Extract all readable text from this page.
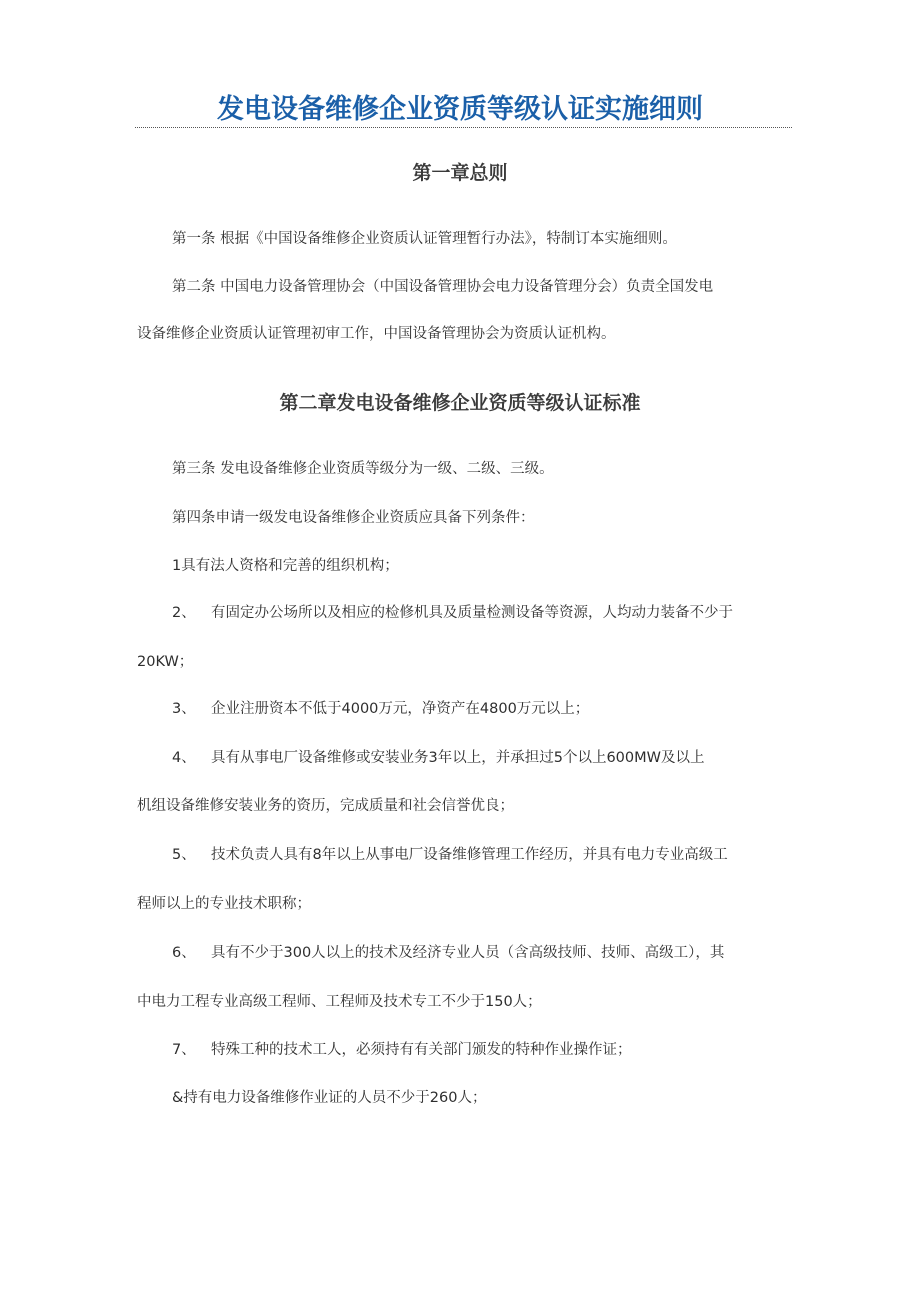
发电设备维修企业资质等级认证实施细则
第一章总则

第一条 根据《中国设备维修企业资质认证管理暂行办法》，特制订本实施细则。

第二条 中国电力设备管理协会（中国设备管理协会电力设备管理分会）负责全国发电

设备维修企业资质认证管理初审工作，中国设备管理协会为资质认证机构。

第二章发电设备维修企业资质等级认证标准

第三条 发电设备维修企业资质等级分为一级、二级、三级。

第四条申请一级发电设备维修企业资质应具备下列条件：

1具有法人资格和完善的组织机构；

2、 有固定办公场所以及相应的检修机具及质量检测设备等资源，人均动力装备不少于

20KW；

3、 企业注册资本不低于4000万元，净资产在4800万元以上；

4、 具有从事电厂设备维修或安装业务3年以上，并承担过5个以上600MW及以上

机组设备维修安装业务的资历，完成质量和社会信誉优良；

5、 技术负责人具有8年以上从事电厂设备维修管理工作经历，并具有电力专业高级工

程师以上的专业技术职称；

6、 具有不少于300人以上的技术及经济专业人员（含高级技师、技师、高级工），其

中电力工程专业高级工程师、工程师及技术专工不少于150人；

7、 特殊工种的技术工人，必须持有有关部门颁发的特种作业操作证；

&持有电力设备维修作业证的人员不少于260人；
